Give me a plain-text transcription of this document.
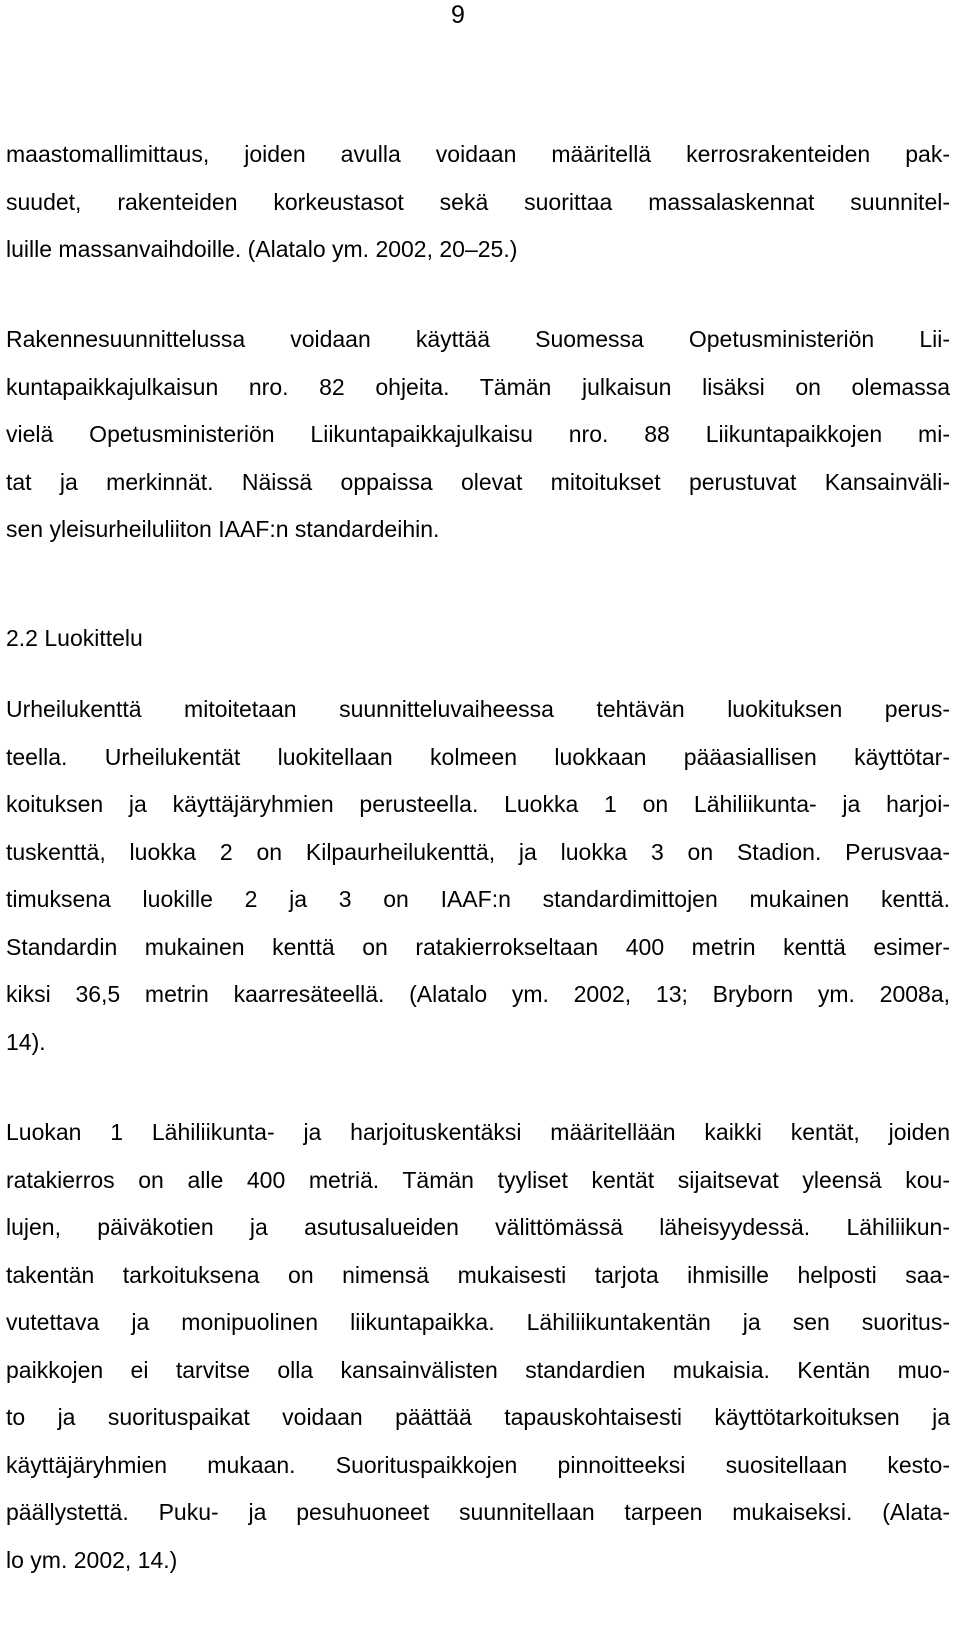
9
maastomallimittaus, joiden avulla voidaan määritellä kerrosrakenteiden pak-
suudet, rakenteiden korkeustasot sekä suorittaa massalaskennat suunnitel-
luille massanvaihdoille. (Alatalo ym. 2002, 20–25.)
Rakennesuunnittelussa voidaan käyttää Suomessa Opetusministeriön Lii-
kuntapaikkajulkaisun nro. 82 ohjeita. Tämän julkaisun lisäksi on olemassa
vielä Opetusministeriön Liikuntapaikkajulkaisu nro. 88 Liikuntapaikkojen mi-
tat ja merkinnät. Näissä oppaissa olevat mitoitukset perustuvat Kansainväli-
sen yleisurheiluliiton IAAF:n standardeihin.
2.2 Luokittelu
Urheilukenttä mitoitetaan suunnitteluvaiheessa tehtävän luokituksen perus-
teella. Urheilukentät luokitellaan kolmeen luokkaan pääasiallisen käyttötar-
koituksen ja käyttäjäryhmien perusteella. Luokka 1 on Lähiliikunta- ja harjoi-
tuskenttä, luokka 2 on Kilpaurheilukenttä, ja luokka 3 on Stadion. Perusvaa-
timuksena luokille 2 ja 3 on IAAF:n standardimittojen mukainen kenttä.
Standardin mukainen kenttä on ratakierrokseltaan 400 metrin kenttä esimer-
kiksi 36,5 metrin kaarresäteellä. (Alatalo ym. 2002, 13; Bryborn ym. 2008a,
14).
Luokan 1 Lähiliikunta- ja harjoituskentäksi määritellään kaikki kentät, joiden
ratakierros on alle 400 metriä. Tämän tyyliset kentät sijaitsevat yleensä kou-
lujen, päiväkotien ja asutusalueiden välittömässä läheisyydessä. Lähiliikun-
takentän tarkoituksena on nimensä mukaisesti tarjota ihmisille helposti saa-
vutettava ja monipuolinen liikuntapaikka. Lähiliikuntakentän ja sen suoritus-
paikkojen ei tarvitse olla kansainvälisten standardien mukaisia. Kentän muo-
to ja suorituspaikat voidaan päättää tapauskohtaisesti käyttötarkoituksen ja
käyttäjäryhmien mukaan. Suorituspaikkojen pinnoitteeksi suositellaan kesto-
päällystettä. Puku- ja pesuhuoneet suunnitellaan tarpeen mukaiseksi. (Alata-
lo ym. 2002, 14.)
